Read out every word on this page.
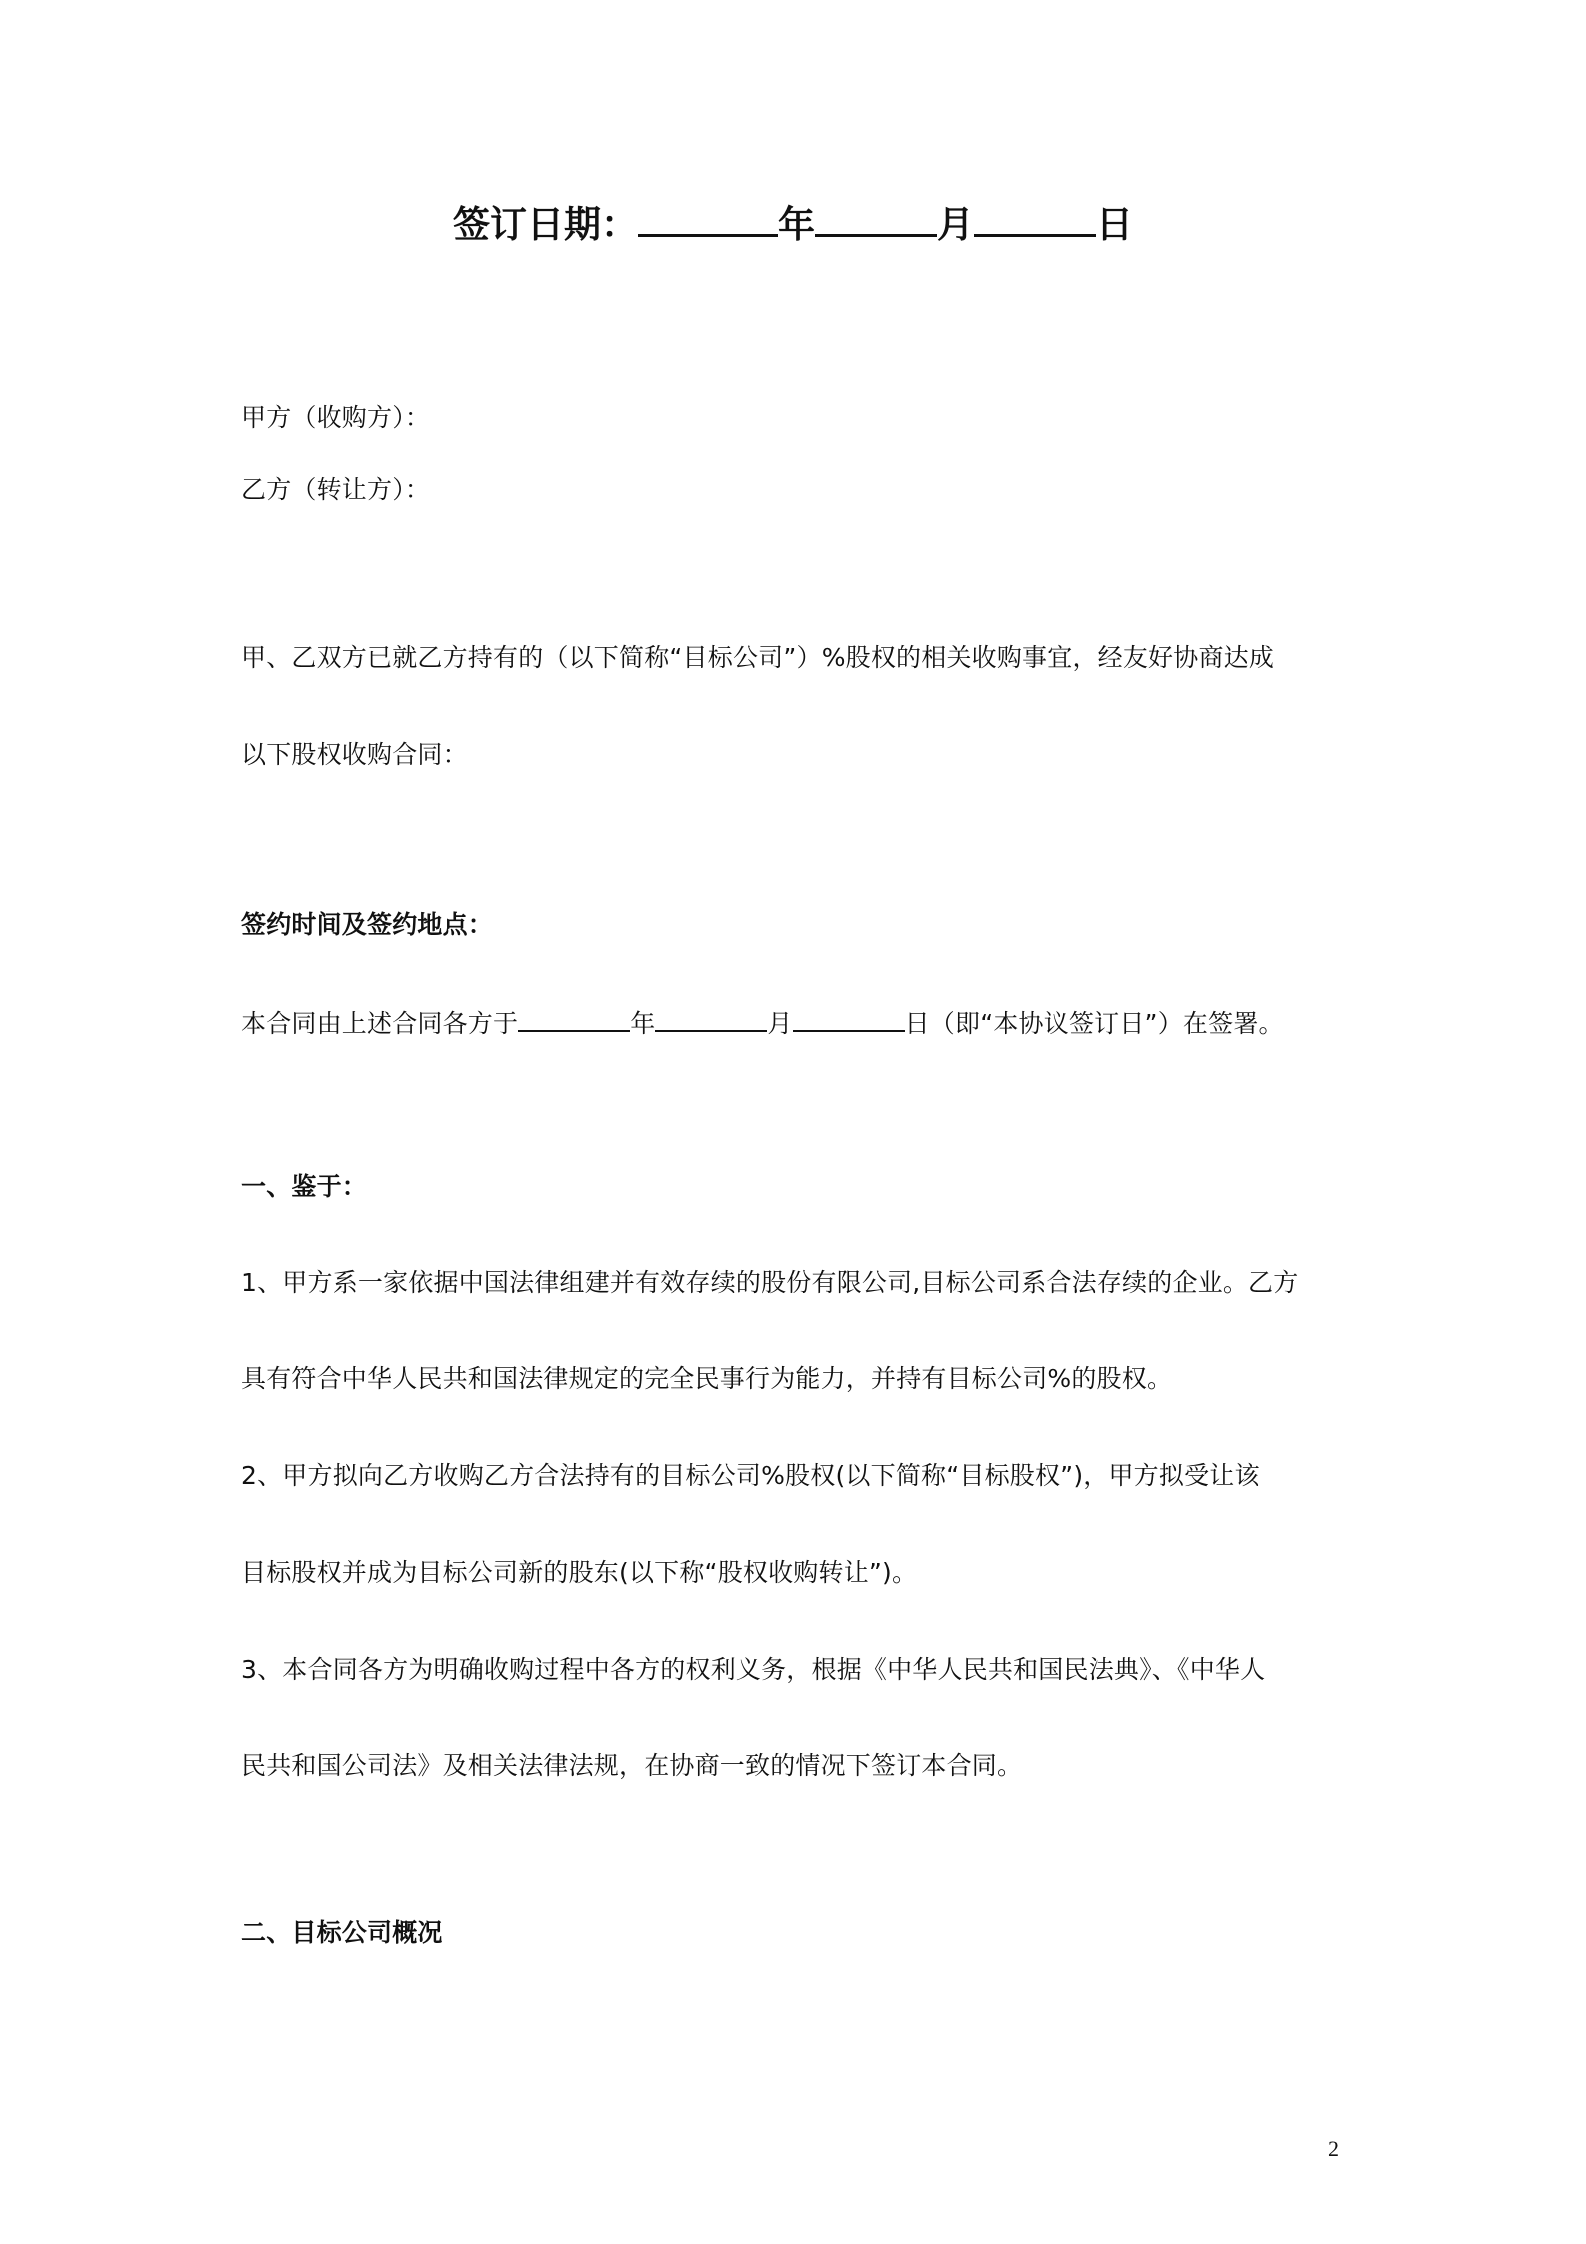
签订日期：	年	月	日
甲方（收购方）：
乙方（转让方）：
甲、乙双方已就乙方持有的（以下简称“目标公司”）%股权的相关收购事宜，经友好协商达成
以下股权收购合同：
签约时间及签约地点：
本合同由上述合同各方于	年	月	日（即“本协议签订日”）在签署。
一、鉴于：
1、甲方系一家依据中国法律组建并有效存续的股份有限公司,目标公司系合法存续的企业。乙方
具有符合中华人民共和国法律规定的完全民事行为能力，并持有目标公司%的股权。
2、甲方拟向乙方收购乙方合法持有的目标公司%股权(以下简称“目标股权”)，甲方拟受让该
目标股权并成为目标公司新的股东(以下称“股权收购转让”)。
3、本合同各方为明确收购过程中各方的权利义务，根据《中华人民共和国民法典》、《中华人
民共和国公司法》及相关法律法规，在协商一致的情况下签订本合同。
二、目标公司概况
2
